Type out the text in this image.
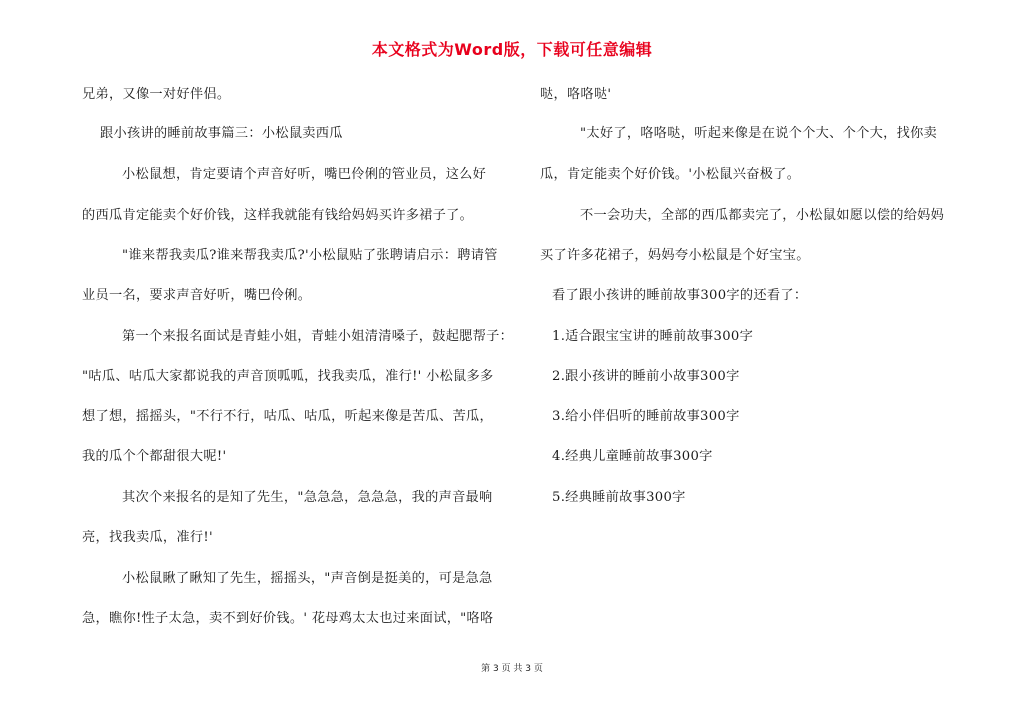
本文格式为Word版，下载可任意编辑
兄弟，又像一对好伴侣。
跟小孩讲的睡前故事篇三：小松鼠卖西瓜
小松鼠想，肯定要请个声音好听，嘴巴伶俐的管业员，这么好
的西瓜肯定能卖个好价钱，这样我就能有钱给妈妈买许多裙子了。
"谁来帮我卖瓜?谁来帮我卖瓜?'小松鼠贴了张聘请启示：聘请管
业员一名，要求声音好听，嘴巴伶俐。
第一个来报名面试是青蛙小姐，青蛙小姐清清嗓子，鼓起腮帮子：
"咕瓜、咕瓜大家都说我的声音顶呱呱，找我卖瓜，准行!' 小松鼠多多
想了想，摇摇头，"不行不行，咕瓜、咕瓜，听起来像是苦瓜、苦瓜，
我的瓜个个都甜很大呢!'
其次个来报名的是知了先生，"急急急，急急急，我的声音最响
亮，找我卖瓜，准行!'
小松鼠瞅了瞅知了先生，摇摇头，"声音倒是挺美的，可是急急
急，瞧你!性子太急，卖不到好价钱。' 花母鸡太太也过来面试，"咯咯
哒，咯咯哒'
"太好了，咯咯哒，听起来像是在说个个大、个个大，找你卖
瓜，肯定能卖个好价钱。'小松鼠兴奋极了。
不一会功夫，全部的西瓜都卖完了，小松鼠如愿以偿的给妈妈
买了许多花裙子，妈妈夸小松鼠是个好宝宝。
看了跟小孩讲的睡前故事300字的还看了：
1.适合跟宝宝讲的睡前故事300字
2.跟小孩讲的睡前小故事300字
3.给小伴侣听的睡前故事300字
4.经典儿童睡前故事300字
5.经典睡前故事300字
第 3 页 共 3 页
